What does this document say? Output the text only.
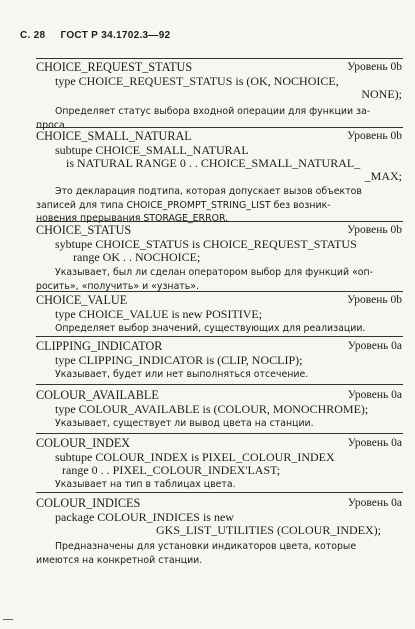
С. 28 ГОСТ Р 34.1702.3—92
CHOICE_REQUEST_STATUS	Уровень 0b
type CHOICE_REQUEST_STATUS is (OK, NOCHOICE,
NONE);
Определяет статус выбора входной операции для функции за-
проса.
CHOICE_SMALL_NATURAL	Уровень 0b
subtupe CHOICE_SMALL_NATURAL
is NATURAL RANGE 0 . . CHOICE_SMALL_NATURAL_
_MAX;
Это декларация подтипа, которая допускает вызов объектов
записей для типа CHOICE_PROMPT_STRING_LIST без возник-
новения прерывания STORAGE_ERROR.
CHOICE_STATUS	Уровень 0b
sybtupe CHOICE_STATUS is CHOICE_REQUEST_STATUS
range OK . . NOCHOICE;
Указывает, был ли сделан оператором выбор для функций «оп-
росить», «получить» и «узнать».
CHOICE_VALUE	Уровень 0b
type CHOICE_VALUE is new POSITIVE;
Определяет выбор значений, существующих для реализации.
CLIPPING_INDICATOR	Уровень 0a
type CLIPPING_INDICATOR is (CLIP, NOCLIP);
Указывает, будет или нет выполняться отсечение.
COLOUR_AVAILABLE	Уровень 0a
type COLOUR_AVAILABLE is (COLOUR, MONOCHROME);
Указывает, существует ли вывод цвета на станции.
COLOUR_INDEX	Уровень 0a
subtupe COLOUR_INDEX is PIXEL_COLOUR_INDEX
range 0 . . PIXEL_COLOUR_INDEX'LAST;
Указывает на тип в таблицах цвета.
COLOUR_INDICES	Уровень 0a
package COLOUR_INDICES is new
GKS_LIST_UTILITIES (COLOUR_INDEX);
Предназначены для установки индикаторов цвета, которые
имеются на конкретной станции.
